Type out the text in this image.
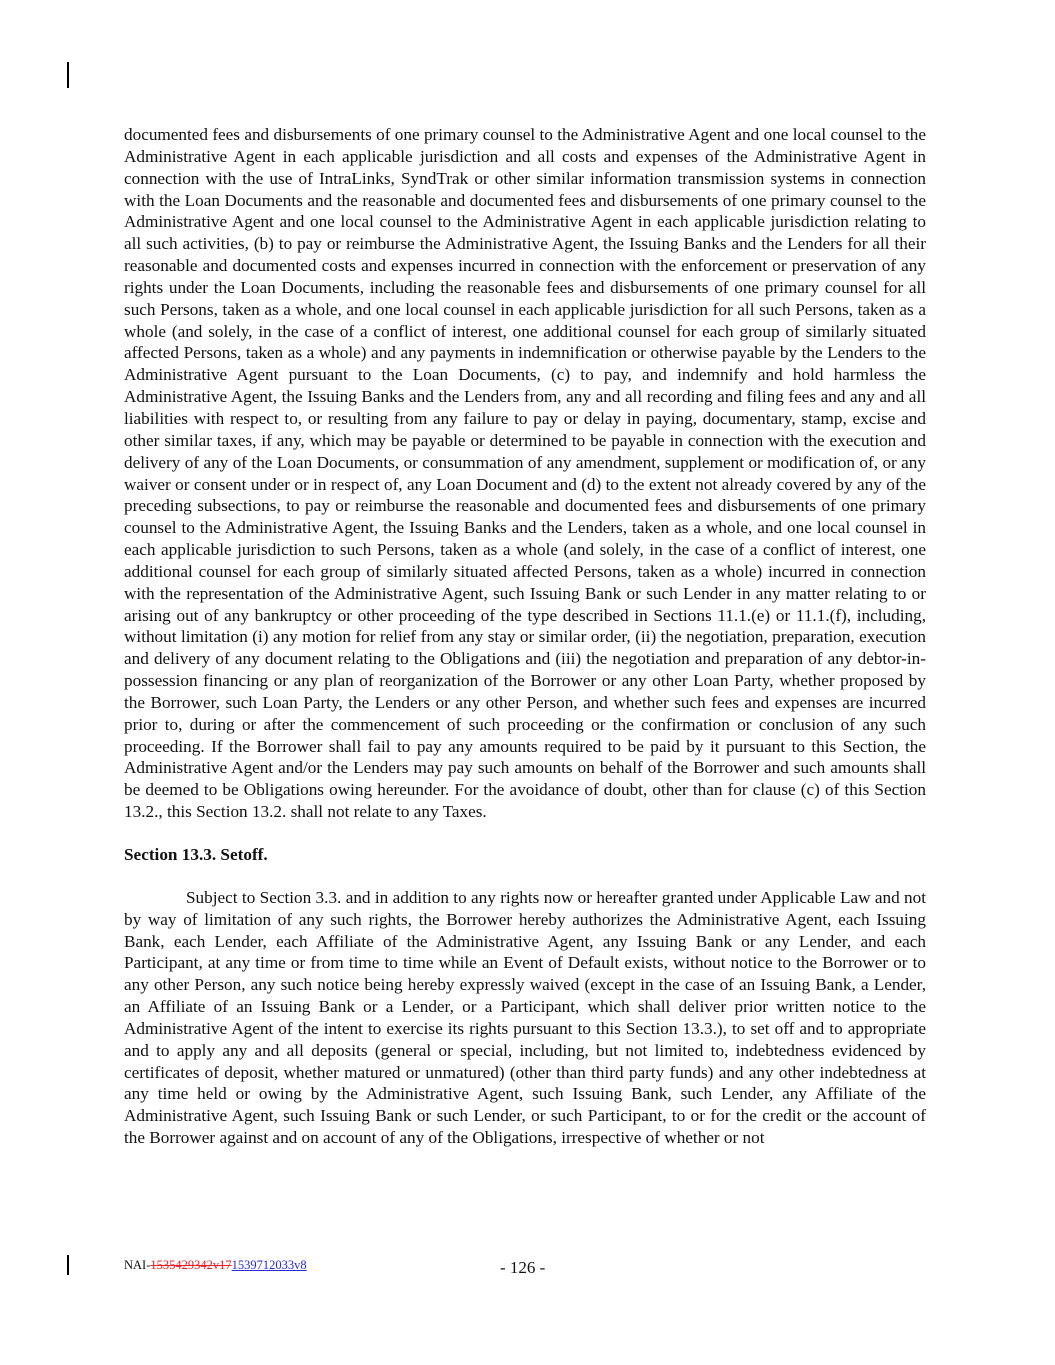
documented fees and disbursements of one primary counsel to the Administrative Agent and one local counsel to the Administrative Agent in each applicable jurisdiction and all costs and expenses of the Administrative Agent in connection with the use of IntraLinks, SyndTrak or other similar information transmission systems in connection with the Loan Documents and the reasonable and documented fees and disbursements of one primary counsel to the Administrative Agent and one local counsel to the Administrative Agent in each applicable jurisdiction relating to all such activities, (b) to pay or reimburse the Administrative Agent, the Issuing Banks and the Lenders for all their reasonable and documented costs and expenses incurred in connection with the enforcement or preservation of any rights under the Loan Documents, including the reasonable fees and disbursements of one primary counsel for all such Persons, taken as a whole, and one local counsel in each applicable jurisdiction for all such Persons, taken as a whole (and solely, in the case of a conflict of interest, one additional counsel for each group of similarly situated affected Persons, taken as a whole) and any payments in indemnification or otherwise payable by the Lenders to the Administrative Agent pursuant to the Loan Documents, (c) to pay, and indemnify and hold harmless the Administrative Agent, the Issuing Banks and the Lenders from, any and all recording and filing fees and any and all liabilities with respect to, or resulting from any failure to pay or delay in paying, documentary, stamp, excise and other similar taxes, if any, which may be payable or determined to be payable in connection with the execution and delivery of any of the Loan Documents, or consummation of any amendment, supplement or modification of, or any waiver or consent under or in respect of, any Loan Document and (d) to the extent not already covered by any of the preceding subsections, to pay or reimburse the reasonable and documented fees and disbursements of one primary counsel to the Administrative Agent, the Issuing Banks and the Lenders, taken as a whole, and one local counsel in each applicable jurisdiction to such Persons, taken as a whole (and solely, in the case of a conflict of interest, one additional counsel for each group of similarly situated affected Persons, taken as a whole) incurred in connection with the representation of the Administrative Agent, such Issuing Bank or such Lender in any matter relating to or arising out of any bankruptcy or other proceeding of the type described in Sections 11.1.(e) or 11.1.(f), including, without limitation (i) any motion for relief from any stay or similar order, (ii) the negotiation, preparation, execution and delivery of any document relating to the Obligations and (iii) the negotiation and preparation of any debtor-in-possession financing or any plan of reorganization of the Borrower or any other Loan Party, whether proposed by the Borrower, such Loan Party, the Lenders or any other Person, and whether such fees and expenses are incurred prior to, during or after the commencement of such proceeding or the confirmation or conclusion of any such proceeding. If the Borrower shall fail to pay any amounts required to be paid by it pursuant to this Section, the Administrative Agent and/or the Lenders may pay such amounts on behalf of the Borrower and such amounts shall be deemed to be Obligations owing hereunder. For the avoidance of doubt, other than for clause (c) of this Section 13.2., this Section 13.2. shall not relate to any Taxes.

Section 13.3. Setoff.

Subject to Section 3.3. and in addition to any rights now or hereafter granted under Applicable Law and not by way of limitation of any such rights, the Borrower hereby authorizes the Administrative Agent, each Issuing Bank, each Lender, each Affiliate of the Administrative Agent, any Issuing Bank or any Lender, and each Participant, at any time or from time to time while an Event of Default exists, without notice to the Borrower or to any other Person, any such notice being hereby expressly waived (except in the case of an Issuing Bank, a Lender, an Affiliate of an Issuing Bank or a Lender, or a Participant, which shall deliver prior written notice to the Administrative Agent of the intent to exercise its rights pursuant to this Section 13.3.), to set off and to appropriate and to apply any and all deposits (general or special, including, but not limited to, indebtedness evidenced by certificates of deposit, whether matured or unmatured) (other than third party funds) and any other indebtedness at any time held or owing by the Administrative Agent, such Issuing Bank, such Lender, any Affiliate of the Administrative Agent, such Issuing Bank or such Lender, or such Participant, to or for the credit or the account of the Borrower against and on account of any of the Obligations, irrespective of whether or not

NAI-1535429342v171539712033v8	- 126 -
